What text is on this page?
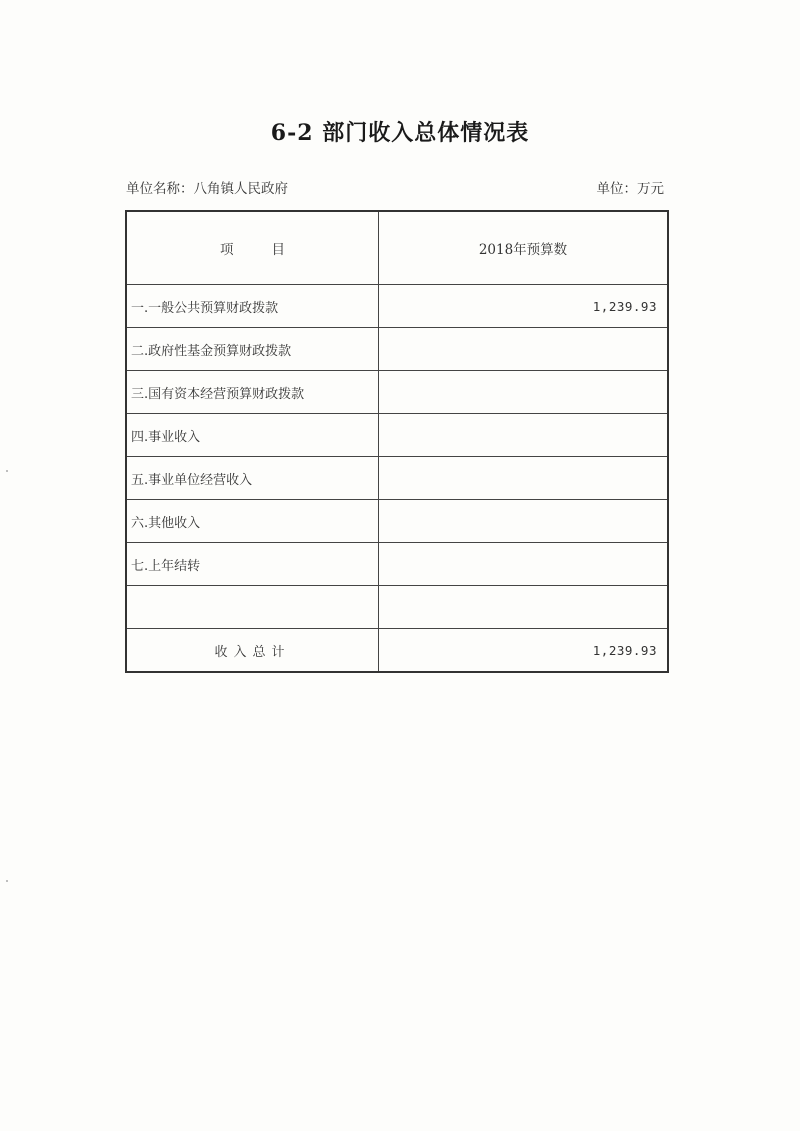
6-2 部门收入总体情况表
单位名称：八角镇人民政府	单位：万元
项目	2018年预算数
一.一般公共预算财政拨款	1,239.93
二.政府性基金预算财政拨款	
三.国有资本经营预算财政拨款	
四.事业收入	
五.事业单位经营收入	
六.其他收入	
七.上年结转	

收入总计	1,239.93
